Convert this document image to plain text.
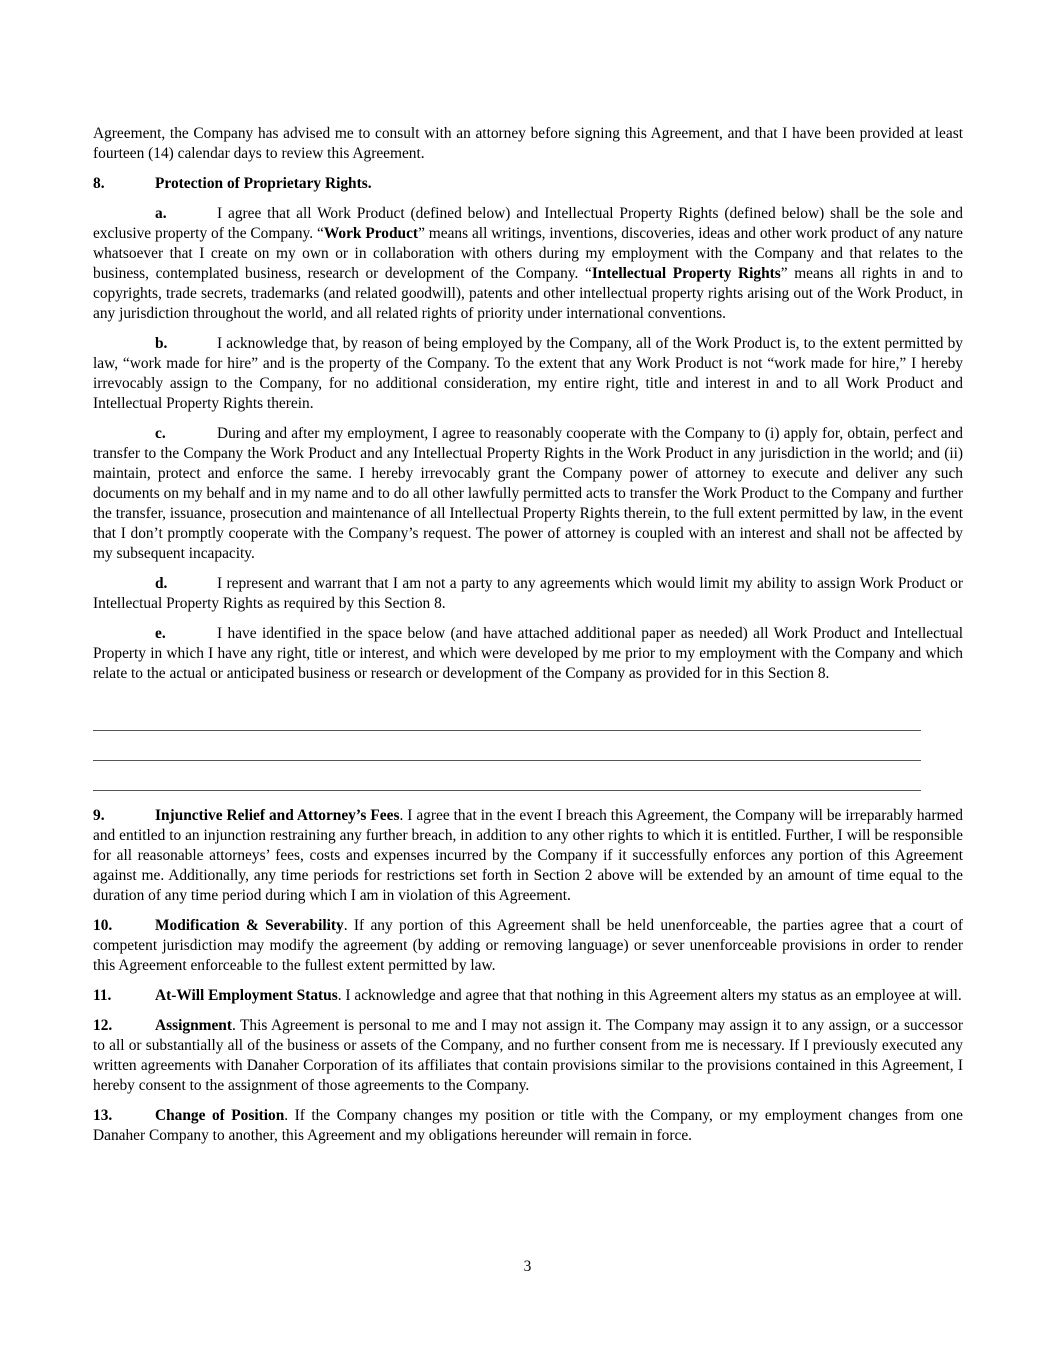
Agreement, the Company has advised me to consult with an attorney before signing this Agreement, and that I have been provided at least fourteen (14) calendar days to review this Agreement.

8.	Protection of Proprietary Rights.

a.	I agree that all Work Product (defined below) and Intellectual Property Rights (defined below) shall be the sole and exclusive property of the Company. “Work Product” means all writings, inventions, discoveries, ideas and other work product of any nature whatsoever that I create on my own or in collaboration with others during my employment with the Company and that relates to the business, contemplated business, research or development of the Company. “Intellectual Property Rights” means all rights in and to copyrights, trade secrets, trademarks (and related goodwill), patents and other intellectual property rights arising out of the Work Product, in any jurisdiction throughout the world, and all related rights of priority under international conventions.

b.	I acknowledge that, by reason of being employed by the Company, all of the Work Product is, to the extent permitted by law, “work made for hire” and is the property of the Company. To the extent that any Work Product is not “work made for hire,” I hereby irrevocably assign to the Company, for no additional consideration, my entire right, title and interest in and to all Work Product and Intellectual Property Rights therein.

c.	During and after my employment, I agree to reasonably cooperate with the Company to (i) apply for, obtain, perfect and transfer to the Company the Work Product and any Intellectual Property Rights in the Work Product in any jurisdiction in the world; and (ii) maintain, protect and enforce the same. I hereby irrevocably grant the Company power of attorney to execute and deliver any such documents on my behalf and in my name and to do all other lawfully permitted acts to transfer the Work Product to the Company and further the transfer, issuance, prosecution and maintenance of all Intellectual Property Rights therein, to the full extent permitted by law, in the event that I don’t promptly cooperate with the Company’s request. The power of attorney is coupled with an interest and shall not be affected by my subsequent incapacity.

d.	I represent and warrant that I am not a party to any agreements which would limit my ability to assign Work Product or Intellectual Property Rights as required by this Section 8.

e.	I have identified in the space below (and have attached additional paper as needed) all Work Product and Intellectual Property in which I have any right, title or interest, and which were developed by me prior to my employment with the Company and which relate to the actual or anticipated business or research or development of the Company as provided for in this Section 8.

9.	Injunctive Relief and Attorney’s Fees. I agree that in the event I breach this Agreement, the Company will be irreparably harmed and entitled to an injunction restraining any further breach, in addition to any other rights to which it is entitled. Further, I will be responsible for all reasonable attorneys’ fees, costs and expenses incurred by the Company if it successfully enforces any portion of this Agreement against me. Additionally, any time periods for restrictions set forth in Section 2 above will be extended by an amount of time equal to the duration of any time period during which I am in violation of this Agreement.

10.	Modification & Severability. If any portion of this Agreement shall be held unenforceable, the parties agree that a court of competent jurisdiction may modify the agreement (by adding or removing language) or sever unenforceable provisions in order to render this Agreement enforceable to the fullest extent permitted by law.

11.	At-Will Employment Status. I acknowledge and agree that that nothing in this Agreement alters my status as an employee at will.

12.	Assignment. This Agreement is personal to me and I may not assign it. The Company may assign it to any assign, or a successor to all or substantially all of the business or assets of the Company, and no further consent from me is necessary. If I previously executed any written agreements with Danaher Corporation of its affiliates that contain provisions similar to the provisions contained in this Agreement, I hereby consent to the assignment of those agreements to the Company.

13.	Change of Position. If the Company changes my position or title with the Company, or my employment changes from one Danaher Company to another, this Agreement and my obligations hereunder will remain in force.

3
